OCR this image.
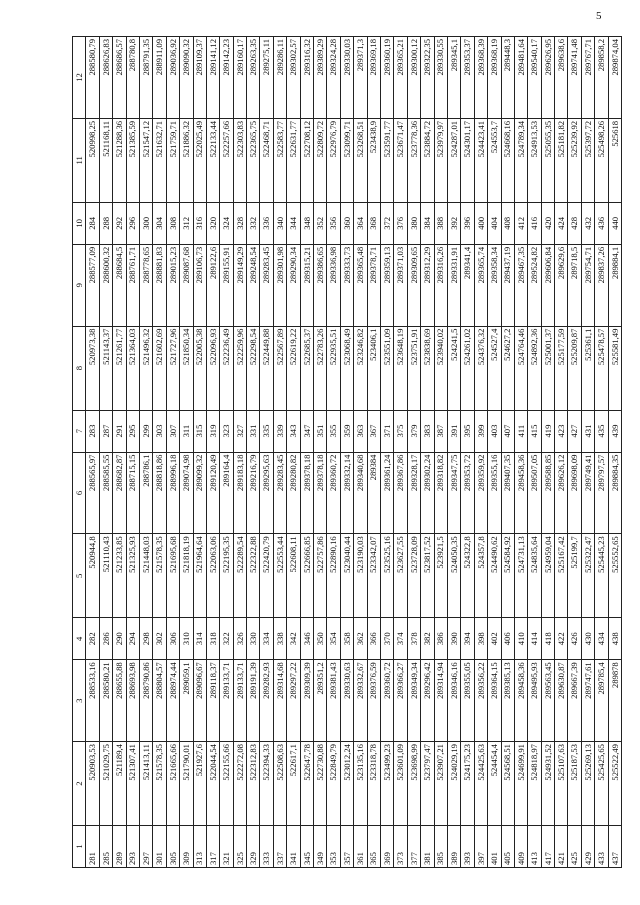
5
1	2	3	4	5	6	7	8	9	10	11	12
281	520903,53	288533,16	282	520944,8	288565,97	283	520973,38	288577,09	284	520998,25	288580,79
285	521029,75	288580,21	286	521110,43	288585,55	287	521143,37	288600,32	288	521168,11	288626,83
289	521189,4	288655,88	290	521233,85	288682,87	291	521261,77	288684,5	292	521288,36	288686,57
293	521307,41	288693,98	294	521325,93	288715,15	295	521364,03	288761,71	296	521385,59	288780,8
297	521413,11	288790,86	298	521448,03	288786,1	299	521496,32	288778,65	300	521547,12	288791,35
301	521578,35	288804,57	302	521578,35	288818,86	303	521602,69	288881,83	304	521632,71	288911,09
305	521665,66	288974,44	306	521695,68	288996,18	307	521727,96	289015,23	308	521759,71	289036,92
309	521790,01	289059,1	310	521818,19	289074,98	311	521850,34	289087,68	312	521886,32	289090,32
313	521927,6	289096,67	314	521964,64	289099,32	315	522005,38	289106,73	316	522025,49	289109,37
317	522044,54	289118,37	318	522063,06	289120,49	319	522096,93	289122,6	320	522133,44	289141,12
321	522155,66	289133,71	322	522195,35	289164,4	323	522236,49	289155,91	324	522257,66	289142,23
325	522272,08	289133,71	326	522289,54	289183,18	327	522259,96	289149,29	328	522303,83	289160,17
329	522312,83	289191,39	330	522322,88	289216,79	331	522298,54	289248,54	332	522365,75	289263,35
333	522394,33	289282,93	334	522420,79	289295,63	335	522449,88	289283,45	336	522468,71	289275,11
337	522508,63	289314,68	338	522553,44	289283,45	339	522567,89	289301,98	340	522583,77	289286,11
341	522617,1	289297,22	342	522608,11	289280,82	343	522619,22	289290,34	344	522631,77	289302,57
345	522647,78	289309,39	346	522666,85	289378,18	347	522685,37	289315,21	348	522708,12	289316,32
349	522730,88	289351,2	350	522757,86	289378,18	351	522783,26	289386,65	352	522809,72	289389,29
353	522849,79	289381,43	354	522890,16	289360,72	355	522935,51	289336,98	356	522976,79	289324,28
357	523012,24	289330,63	358	523040,44	289332,14	359	523068,49	289333,73	360	523099,71	289330,03
361	523135,16	289332,67	362	523190,03	289340,68	363	523246,82	289365,48	364	523268,51	289371,3
365	523318,78	289376,59	366	523342,07	289384	367	523406,1	289378,71	368	523438,9	289369,18
369	523499,23	289360,72	370	523525,16	289361,24	371	523551,09	289359,13	372	523591,77	289360,19
373	523601,09	289366,27	374	523627,55	289367,86	375	523648,19	289371,03	376	523671,47	289365,21
377	523698,99	289349,34	378	523728,09	289328,17	379	523751,91	289309,65	380	523778,36	289300,12
381	523797,47	289296,42	382	523817,52	289302,24	383	523838,69	289312,29	384	523884,72	289322,35
385	523907,21	289314,94	386	523921,5	289318,82	387	523940,02	289316,26	388	523979,97	289330,55
389	524029,19	289346,16	390	524050,35	289347,75	391	524241,5	289331,91	392	524287,01	289345,1
393	524175,23	289355,05	394	524322,8	289353,72	395	524261,02	289341,4	396	524301,17	289353,37
397	524425,63	289356,22	398	524357,8	289359,92	399	524376,32	289365,74	400	524423,41	289368,39
401	524454,4	289364,15	402	524490,62	289355,16	403	524527,4	289358,34	404	524553,7	289368,19
405	524568,51	289385,13	406	524584,92	289407,35	407	524627,2	289437,19	408	524668,16	289448,3
409	524699,91	289458,36	410	524731,13	289458,36	411	524764,46	289467,35	412	524789,34	289481,64
413	524818,97	289495,93	414	524835,64	289507,05	415	524892,36	289524,82	416	524913,53	289540,17
417	524931,52	289563,45	418	524959,04	289588,85	419	525001,37	289606,84	420	525055,35	289626,95
421	525107,63	289630,87	422	525167,42	289626,12	423	525177,59	289629,6	424	525181,82	289638,6
425	525187,53	289667,39	426	525199,7	289698,09	427	525209,87	289718,5	428	525239,92	289741,48
429	525269,13	289747,61	430	525322,47	289749,41	431	525361,1	289754,71	432	525397,72	289767,71
433	525425,65	289785,4	434	525445,23	289797,57	435	525478,57	289837,26	436	525498,26	289858,2
437	525522,49	289878	438	525552,65	289884,35	439	525581,49	289884,1	440	525618	289874,04
